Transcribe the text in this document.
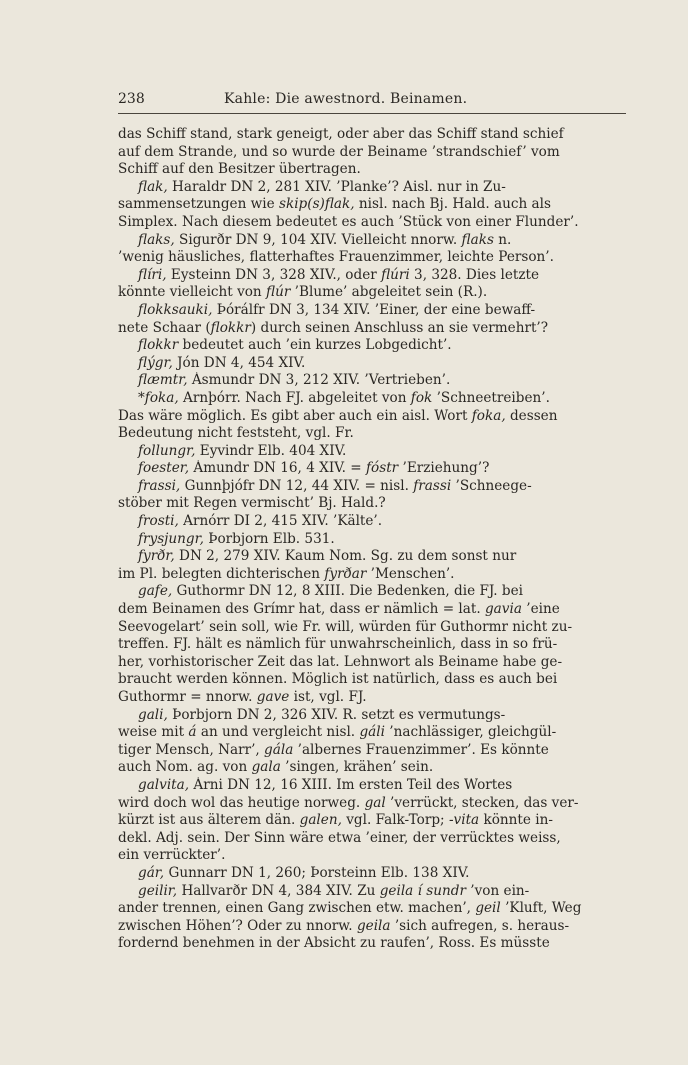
238	Kahle: Die awestnord. Beinamen.
das Schiff stand, stark geneigt, oder aber das Schiff stand schief
auf dem Strande, und so wurde der Beiname ’strandschief’ vom
Schiff auf den Besitzer übertragen.
flak, Haraldr DN 2, 281 XIV. ’Planke’? Aisl. nur in Zu-
sammensetzungen wie skip(s)flak, nisl. nach Bj. Hald. auch als
Simplex. Nach diesem bedeutet es auch ’Stück von einer Flunder’.
flaks, Sigurðr DN 9, 104 XIV. Vielleicht nnorw. flaks n.
’wenig häusliches, flatterhaftes Frauenzimmer, leichte Person’.
flíri, Eysteinn DN 3, 328 XIV., oder flúri 3, 328. Dies letzte
könnte vielleicht von flúr ’Blume’ abgeleitet sein (R.).
flokksauki, Þórálfr DN 3, 134 XIV. ’Einer, der eine bewaff-
nete Schaar (flokkr) durch seinen Anschluss an sie vermehrt’?
flokkr bedeutet auch ’ein kurzes Lobgedicht’.
flýgr, Jón DN 4, 454 XIV.
flæmtr, Ásmundr DN 3, 212 XIV. ’Vertrieben’.
*foka, Arnþórr. Nach FJ. abgeleitet von fok ’Schneetreiben’.
Das wäre möglich. Es gibt aber auch ein aisl. Wort foka, dessen
Bedeutung nicht feststeht, vgl. Fr.
follungr, Eyvindr Elb. 404 XIV.
foester, Ámundr DN 16, 4 XIV. = fóstr ’Erziehung’?
frassi, Gunnþjófr DN 12, 44 XIV. = nisl. frassi ’Schneege-
stöber mit Regen vermischt’ Bj. Hald.?
frosti, Arnórr DI 2, 415 XIV. ’Kälte’.
frysjungr, Þorbjorn Elb. 531.
fyrðr, DN 2, 279 XIV. Kaum Nom. Sg. zu dem sonst nur
im Pl. belegten dichterischen fyrðar ’Menschen’.
gafe, Guthormr DN 12, 8 XIII. Die Bedenken, die FJ. bei
dem Beinamen des Grímr hat, dass er nämlich = lat. gavia ’eine
Seevogelart’ sein soll, wie Fr. will, würden für Guthormr nicht zu-
treffen. FJ. hält es nämlich für unwahrscheinlich, dass in so frü-
her, vorhistorischer Zeit das lat. Lehnwort als Beiname habe ge-
braucht werden können. Möglich ist natürlich, dass es auch bei
Guthormr = nnorw. gave ist, vgl. FJ.
gali, Þorbjorn DN 2, 326 XIV. R. setzt es vermutungs-
weise mit á an und vergleicht nisl. gáli ’nachlässiger, gleichgül-
tiger Mensch, Narr’, gála ’albernes Frauenzimmer’. Es könnte
auch Nom. ag. von gala ’singen, krähen’ sein.
galvita, Árni DN 12, 16 XIII. Im ersten Teil des Wortes
wird doch wol das heutige norweg. gal ’verrückt, stecken, das ver-
kürzt ist aus älterem dän. galen, vgl. Falk-Torp; -vita könnte in-
dekl. Adj. sein. Der Sinn wäre etwa ’einer, der verrücktes weiss,
ein verrückter’.
gár, Gunnarr DN 1, 260; Þorsteinn Elb. 138 XIV.
geilir, Hallvarðr DN 4, 384 XIV. Zu geila í sundr ’von ein-
ander trennen, einen Gang zwischen etw. machen’, geil ’Kluft, Weg
zwischen Höhen’? Oder zu nnorw. geila ’sich aufregen, s. heraus-
fordernd benehmen in der Absicht zu raufen’, Ross. Es müsste
